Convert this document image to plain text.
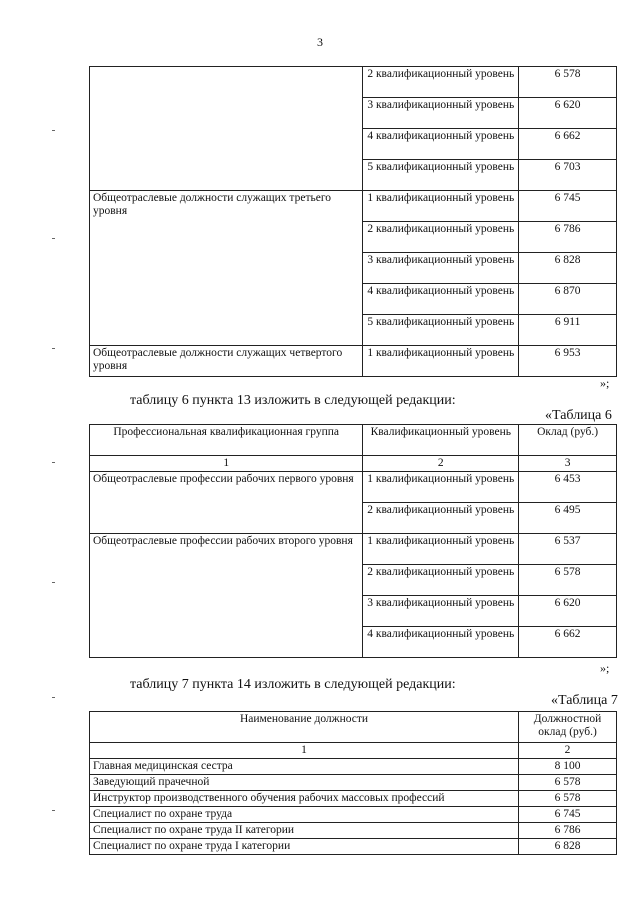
3
	2 квалификационный уровень	6 578
	3 квалификационный уровень	6 620
	4 квалификационный уровень	6 662
	5 квалификационный уровень	6 703
Общеотраслевые должности служащих третьего уровня	1 квалификационный уровень	6 745
	2 квалификационный уровень	6 786
	3 квалификационный уровень	6 828
	4 квалификационный уровень	6 870
	5 квалификационный уровень	6 911
Общеотраслевые должности служащих четвертого уровня	1 квалификационный уровень	6 953
»;
таблицу 6 пункта 13 изложить в следующей редакции:
«Таблица 6
Профессиональная квалификационная группа	Квалификационный уровень	Оклад (руб.)
1	2	3
Общеотраслевые профессии рабочих первого уровня	1 квалификационный уровень	6 453
	2 квалификационный уровень	6 495
Общеотраслевые профессии рабочих второго уровня	1 квалификационный уровень	6 537
	2 квалификационный уровень	6 578
	3 квалификационный уровень	6 620
	4 квалификационный уровень	6 662
»;
таблицу 7 пункта 14 изложить в следующей редакции:
«Таблица 7
Наименование должности	Должностной оклад (руб.)
1	2
Главная медицинская сестра	8 100
Заведующий прачечной	6 578
Инструктор производственного обучения рабочих массовых профессий	6 578
Специалист по охране труда	6 745
Специалист по охране труда II категории	6 786
Специалист по охране труда I категории	6 828
